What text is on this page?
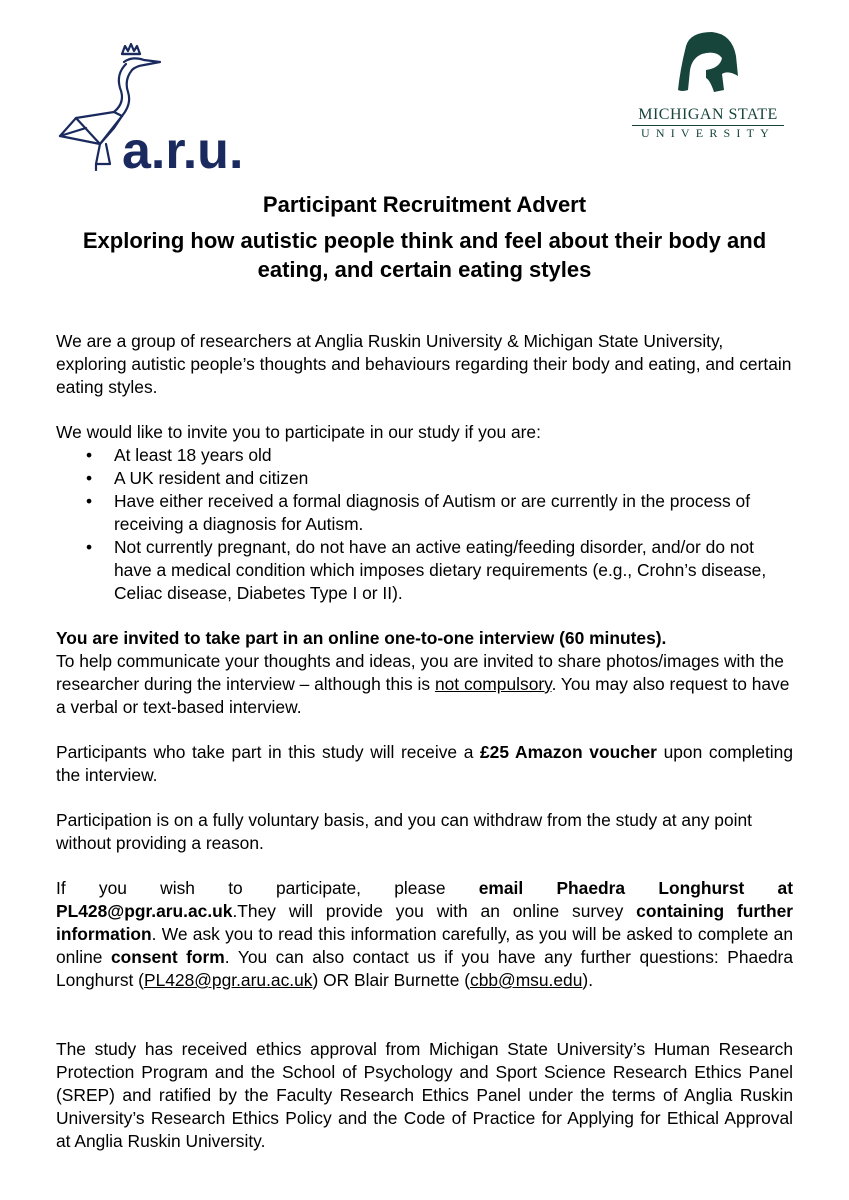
a.r.u.
MICHIGAN STATE
UNIVERSITY
Participant Recruitment Advert
Exploring how autistic people think and feel about their body and eating, and certain eating styles

We are a group of researchers at Anglia Ruskin University & Michigan State University, exploring autistic people’s thoughts and behaviours regarding their body and eating, and certain eating styles.

We would like to invite you to participate in our study if you are:

• At least 18 years old
• A UK resident and citizen
• Have either received a formal diagnosis of Autism or are currently in the process of receiving a diagnosis for Autism.
• Not currently pregnant, do not have an active eating/feeding disorder, and/or do not have a medical condition which imposes dietary requirements (e.g., Crohn’s disease, Celiac disease, Diabetes Type I or II).

You are invited to take part in an online one-to-one interview (60 minutes).

To help communicate your thoughts and ideas, you are invited to share photos/images with the researcher during the interview – although this is not compulsory. You may also request to have a verbal or text-based interview.

Participants who take part in this study will receive a £25 Amazon voucher upon completing the interview.

Participation is on a fully voluntary basis, and you can withdraw from the study at any point without providing a reason.

If you wish to participate, please email Phaedra Longhurst at

PL428@pgr.aru.ac.uk.They will provide you with an online survey containing further information. We ask you to read this information carefully, as you will be asked to complete an online consent form. You can also contact us if you have any further questions: Phaedra Longhurst (PL428@pgr.aru.ac.uk) OR Blair Burnette (cbb@msu.edu).

The study has received ethics approval from Michigan State University’s Human Research Protection Program and the School of Psychology and Sport Science Research Ethics Panel (SREP) and ratified by the Faculty Research Ethics Panel under the terms of Anglia Ruskin University’s Research Ethics Policy and the Code of Practice for Applying for Ethical Approval at Anglia Ruskin University.
